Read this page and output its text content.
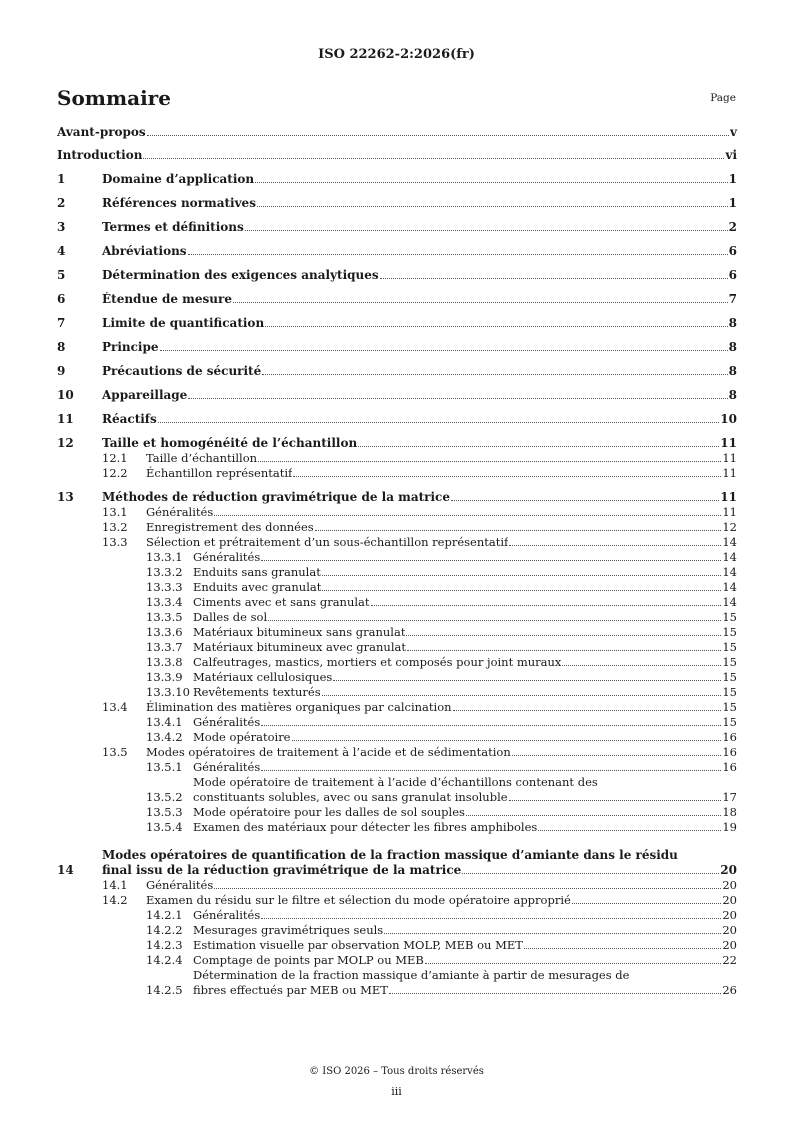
ISO 22262-2:2026(fr)
Sommaire	Page
Avant-propos	v
Introduction	vi
1	Domaine d’application	1
2	Références normatives	1
3	Termes et définitions	2
4	Abréviations	6
5	Détermination des exigences analytiques	6
6	Étendue de mesure	7
7	Limite de quantification	8
8	Principe	8
9	Précautions de sécurité	8
10	Appareillage	8
11	Réactifs	10
12	Taille et homogénéité de l’échantillon	11
12.1	Taille d’échantillon	11
12.2	Échantillon représentatif	11
13	Méthodes de réduction gravimétrique de la matrice	11
13.1	Généralités	11
13.2	Enregistrement des données	12
13.3	Sélection et prétraitement d’un sous-échantillon représentatif	14
13.3.1 Généralités	14
13.3.2 Enduits sans granulat	14
13.3.3 Enduits avec granulat	14
13.3.4 Ciments avec et sans granulat	14
13.3.5 Dalles de sol	15
13.3.6 Matériaux bitumineux sans granulat	15
13.3.7 Matériaux bitumineux avec granulat	15
13.3.8 Calfeutrages, mastics, mortiers et composés pour joint muraux	15
13.3.9 Matériaux cellulosiques	15
13.3.10 Revêtements texturés	15
13.4	Élimination des matières organiques par calcination	15
13.4.1 Généralités	15
13.4.2 Mode opératoire	16
13.5	Modes opératoires de traitement à l’acide et de sédimentation	16
13.5.1 Généralités	16
13.5.2
Mode opératoire de traitement à l’acide d’échantillons contenant des
constituants solubles, avec ou sans granulat insoluble	17
13.5.3 Mode opératoire pour les dalles de sol souples	18
13.5.4 Examen des matériaux pour détecter les fibres amphiboles	19
14
Modes opératoires de quantification de la fraction massique d’amiante dans le résidu
final issu de la réduction gravimétrique de la matrice	20
14.1	Généralités	20
14.2	Examen du résidu sur le filtre et sélection du mode opératoire approprié	20
14.2.1 Généralités	20
14.2.2 Mesurages gravimétriques seuls	20
14.2.3 Estimation visuelle par observation MOLP, MEB ou MET	20
14.2.4 Comptage de points par MOLP ou MEB	22
14.2.5
Détermination de la fraction massique d’amiante à partir de mesurages de
fibres effectués par MEB ou MET	26
© ISO 2026 – Tous droits réservés
iii
